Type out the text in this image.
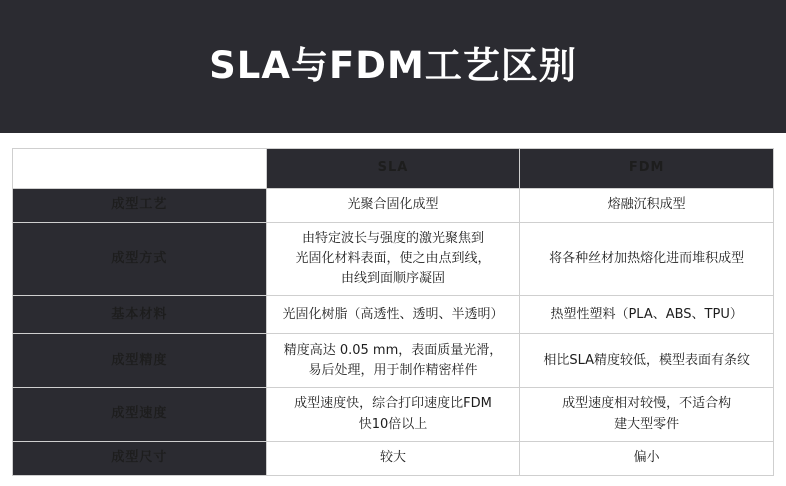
SLA与FDM工艺区别
	SLA	FDM
成型工艺	光聚合固化成型	熔融沉积成型

成型方式	由特定波长与强度的激光聚焦到
光固化材料表面，使之由点到线，
由线到面顺序凝固	将各种丝材加热熔化进而堆积成型

基本材料	光固化树脂（高透性、透明、半透明）	热塑性塑料（PLA、ABS、TPU）

成型精度	精度高达 0.05 mm，表面质量光滑，
易后处理，用于制作精密样件	相比SLA精度较低，模型表面有条纹

成型速度	成型速度快，综合打印速度比FDM
快10倍以上	成型速度相对较慢，不适合构
建大型零件

成型尺寸	较大	偏小
